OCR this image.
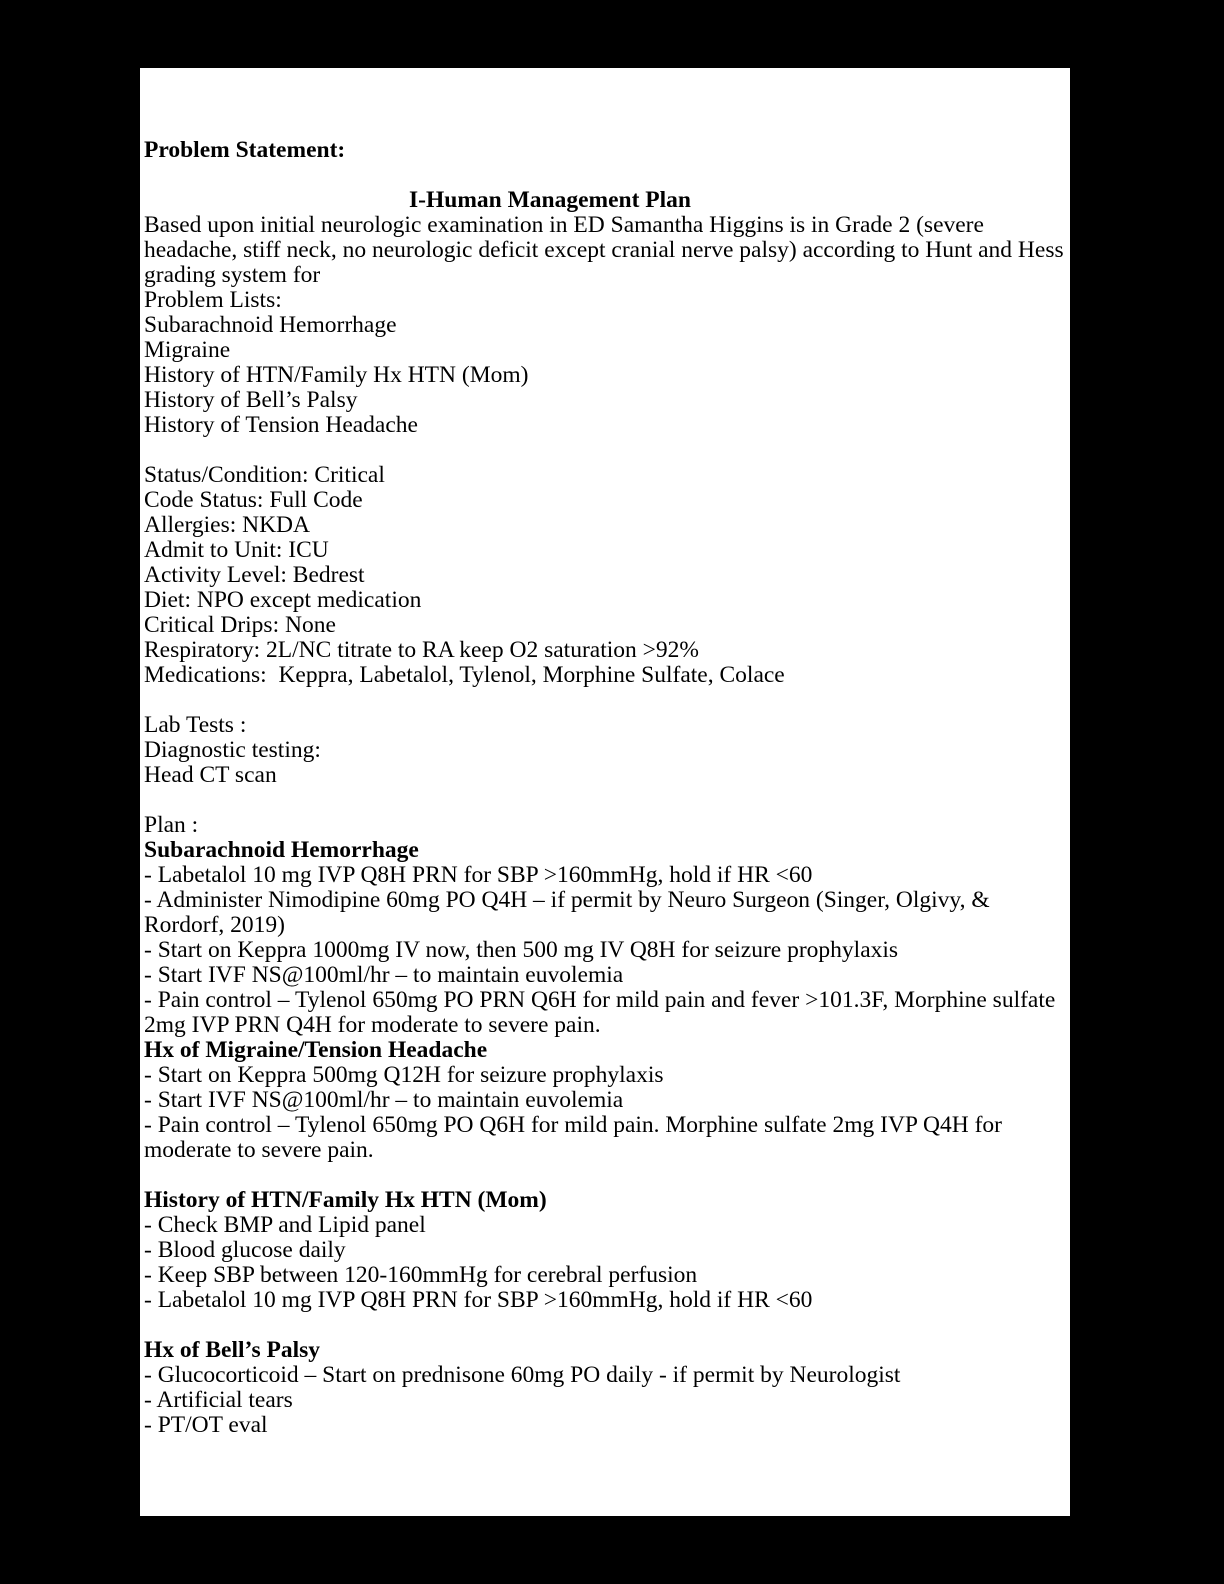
Problem Statement:
I-Human Management Plan
Based upon initial neurologic examination in ED Samantha Higgins is in Grade 2 (severe headache, stiff neck, no neurologic deficit except cranial nerve palsy) according to Hunt and Hess grading system for
Problem Lists:
Subarachnoid Hemorrhage
Migraine
History of HTN/Family Hx HTN (Mom)
History of Bell’s Palsy
History of Tension Headache
Status/Condition: Critical
Code Status: Full Code
Allergies: NKDA
Admit to Unit: ICU
Activity Level: Bedrest
Diet: NPO except medication
Critical Drips: None
Respiratory: 2L/NC titrate to RA keep O2 saturation >92%
Medications:  Keppra, Labetalol, Tylenol, Morphine Sulfate, Colace
Lab Tests :
Diagnostic testing:
Head CT scan
Plan :
Subarachnoid Hemorrhage
- Labetalol 10 mg IVP Q8H PRN for SBP >160mmHg, hold if HR <60
- Administer Nimodipine 60mg PO Q4H – if permit by Neuro Surgeon (Singer, Olgivy, & Rordorf, 2019)
- Start on Keppra 1000mg IV now, then 500 mg IV Q8H for seizure prophylaxis
- Start IVF NS@100ml/hr – to maintain euvolemia
- Pain control – Tylenol 650mg PO PRN Q6H for mild pain and fever >101.3F, Morphine sulfate 2mg IVP PRN Q4H for moderate to severe pain.
Hx of Migraine/Tension Headache
- Start on Keppra 500mg Q12H for seizure prophylaxis
- Start IVF NS@100ml/hr – to maintain euvolemia
- Pain control – Tylenol 650mg PO Q6H for mild pain. Morphine sulfate 2mg IVP Q4H for moderate to severe pain.
History of HTN/Family Hx HTN (Mom)
- Check BMP and Lipid panel
- Blood glucose daily
- Keep SBP between 120-160mmHg for cerebral perfusion
- Labetalol 10 mg IVP Q8H PRN for SBP >160mmHg, hold if HR <60
Hx of Bell’s Palsy
- Glucocorticoid – Start on prednisone 60mg PO daily - if permit by Neurologist
- Artificial tears
- PT/OT eval
